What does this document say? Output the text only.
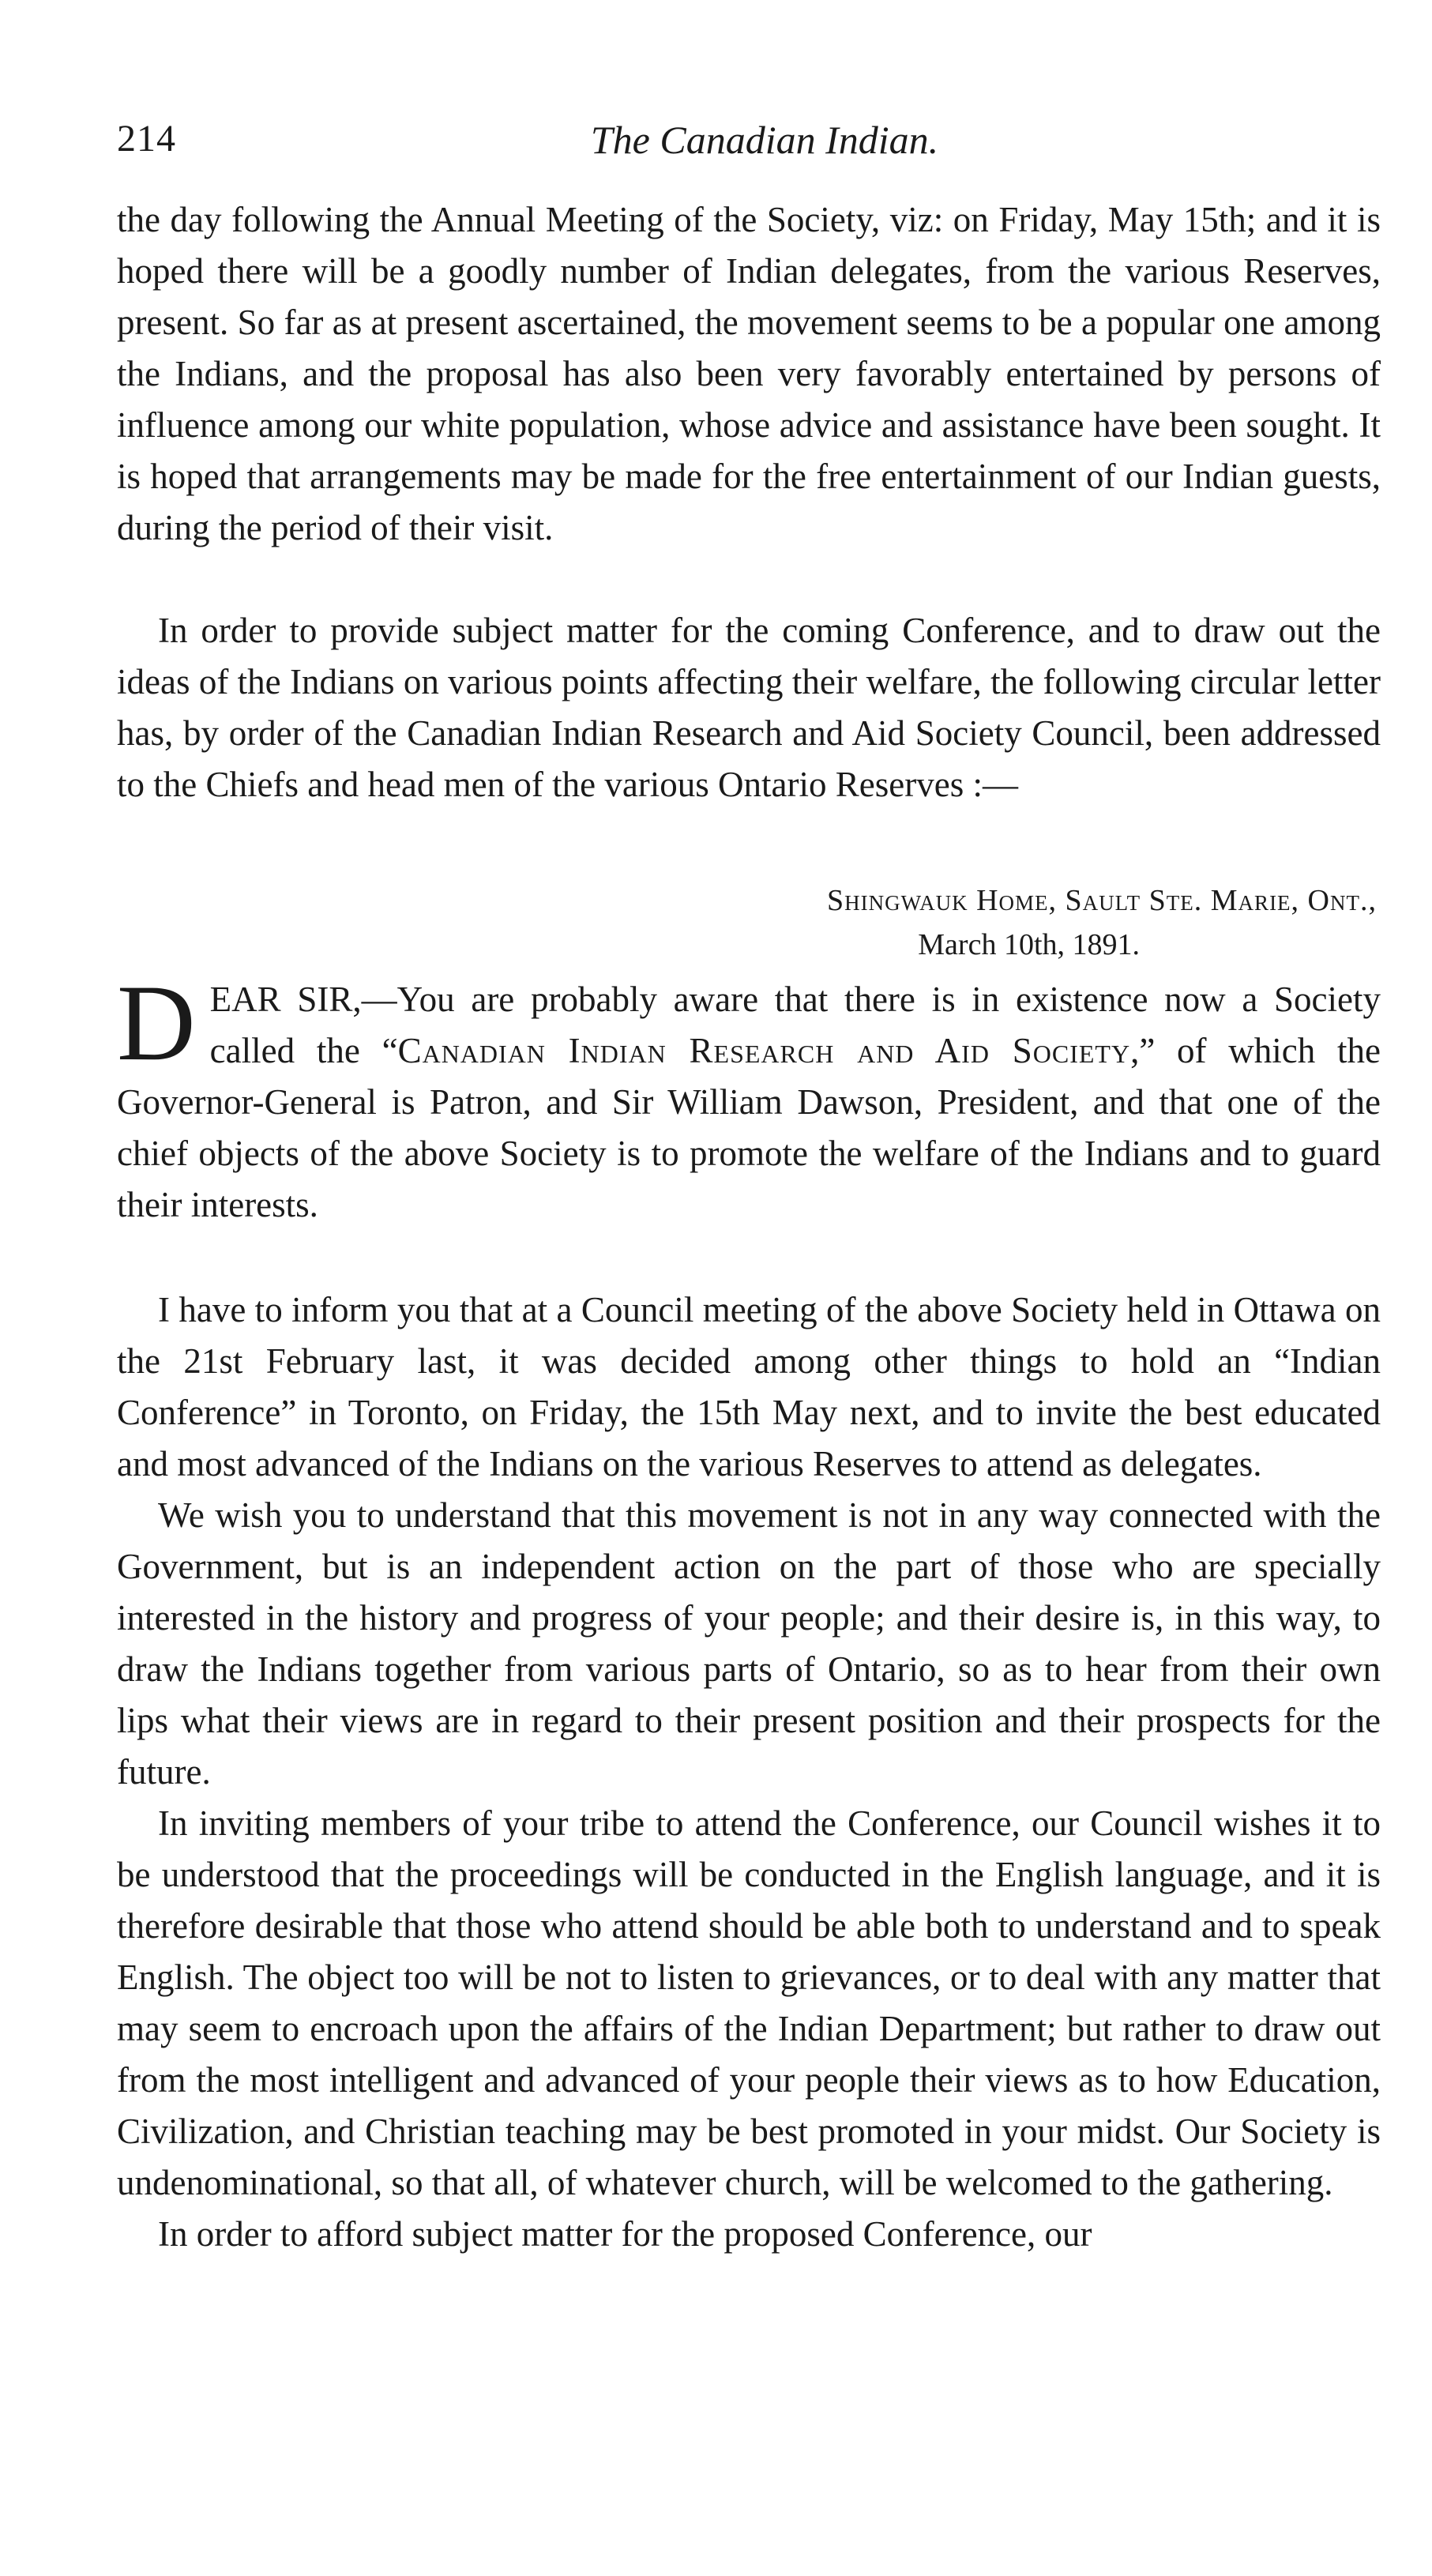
214	The Canadian Indian.

the day following the Annual Meeting of the Society, viz: on Friday, May 15th; and it is hoped there will be a goodly number of Indian delegates, from the various Reserves, present. So far as at present ascertained, the movement seems to be a popular one among the Indians, and the proposal has also been very favorably entertained by persons of influence among our white population, whose advice and assistance have been sought. It is hoped that arrangements may be made for the free entertainment of our Indian guests, during the period of their visit.

In order to provide subject matter for the coming Conference, and to draw out the ideas of the Indians on various points affecting their welfare, the following circular letter has, by order of the Canadian Indian Research and Aid Society Council, been addressed to the Chiefs and head men of the various Ontario Reserves :—

Shingwauk Home, Sault Ste. Marie, Ont.,
March 10th, 1891.

DEAR SIR,—You are probably aware that there is in existence now a Society called the “Canadian Indian Research and Aid Society,” of which the Governor-General is Patron, and Sir William Dawson, President, and that one of the chief objects of the above Society is to promote the welfare of the Indians and to guard their interests.

I have to inform you that at a Council meeting of the above Society held in Ottawa on the 21st February last, it was decided among other things to hold an “Indian Conference” in Toronto, on Friday, the 15th May next, and to invite the best educated and most advanced of the Indians on the various Reserves to attend as delegates.

We wish you to understand that this movement is not in any way connected with the Government, but is an independent action on the part of those who are specially interested in the history and progress of your people; and their desire is, in this way, to draw the Indians together from various parts of Ontario, so as to hear from their own lips what their views are in regard to their present position and their prospects for the future.

In inviting members of your tribe to attend the Conference, our Council wishes it to be understood that the proceedings will be conducted in the English language, and it is therefore desirable that those who attend should be able both to understand and to speak English. The object too will be not to listen to grievances, or to deal with any matter that may seem to encroach upon the affairs of the Indian Department; but rather to draw out from the most intelligent and advanced of your people their views as to how Education, Civilization, and Christian teaching may be best promoted in your midst. Our Society is undenominational, so that all, of whatever church, will be welcomed to the gathering.

In order to afford subject matter for the proposed Conference, our
